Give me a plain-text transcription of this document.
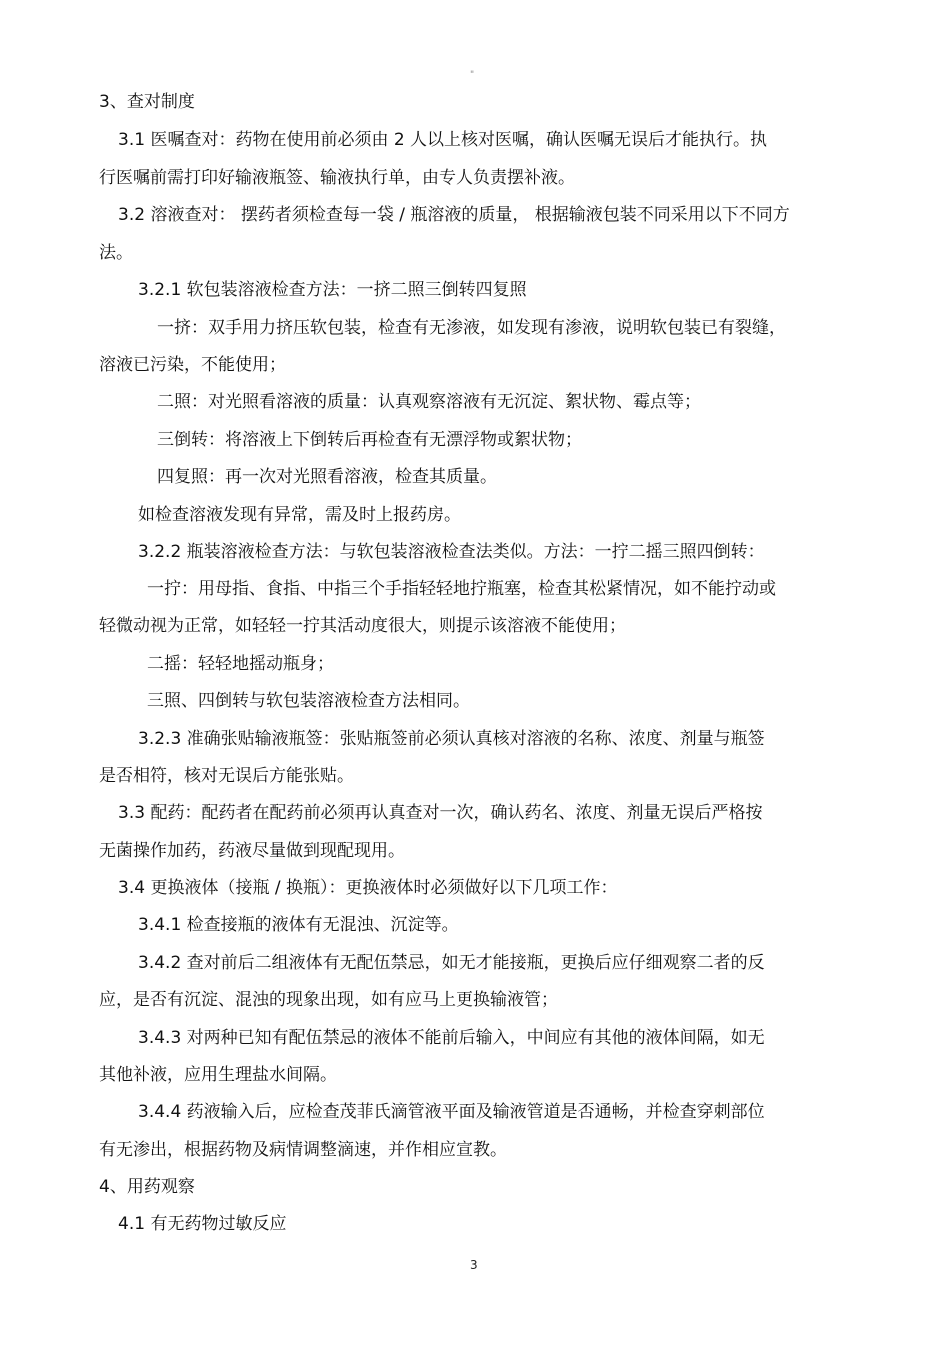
"
3、查对制度
3.1 医嘱查对：药物在使用前必须由 2 人以上核对医嘱，确认医嘱无误后才能执行。执
行医嘱前需打印好输液瓶签、输液执行单，由专人负责摆补液。
3.2 溶液查对： 摆药者须检查每一袋 / 瓶溶液的质量， 根据输液包装不同采用以下不同方
法。
3.2.1 软包装溶液检查方法：一挤二照三倒转四复照
一挤：双手用力挤压软包装，检查有无渗液，如发现有渗液，说明软包装已有裂缝，
溶液已污染，不能使用；
二照：对光照看溶液的质量：认真观察溶液有无沉淀、絮状物、霉点等；
三倒转：将溶液上下倒转后再检查有无漂浮物或絮状物；
四复照：再一次对光照看溶液，检查其质量。
如检查溶液发现有异常，需及时上报药房。
3.2.2 瓶装溶液检查方法：与软包装溶液检查法类似。方法：一拧二摇三照四倒转：
一拧：用母指、食指、中指三个手指轻轻地拧瓶塞，检查其松紧情况，如不能拧动或
轻微动视为正常，如轻轻一拧其活动度很大，则提示该溶液不能使用；
二摇：轻轻地摇动瓶身；
三照、四倒转与软包装溶液检查方法相同。
3.2.3 准确张贴输液瓶签：张贴瓶签前必须认真核对溶液的名称、浓度、剂量与瓶签
是否相符，核对无误后方能张贴。
3.3 配药：配药者在配药前必须再认真查对一次，确认药名、浓度、剂量无误后严格按
无菌操作加药，药液尽量做到现配现用。
3.4 更换液体（接瓶 / 换瓶）：更换液体时必须做好以下几项工作：
3.4.1 检查接瓶的液体有无混浊、沉淀等。
3.4.2 查对前后二组液体有无配伍禁忌，如无才能接瓶，更换后应仔细观察二者的反
应，是否有沉淀、混浊的现象出现，如有应马上更换输液管；
3.4.3 对两种已知有配伍禁忌的液体不能前后输入，中间应有其他的液体间隔，如无
其他补液，应用生理盐水间隔。
3.4.4 药液输入后，应检查茂菲氏滴管液平面及输液管道是否通畅，并检查穿刺部位
有无渗出，根据药物及病情调整滴速，并作相应宣教。
4、用药观察
4.1 有无药物过敏反应
3
